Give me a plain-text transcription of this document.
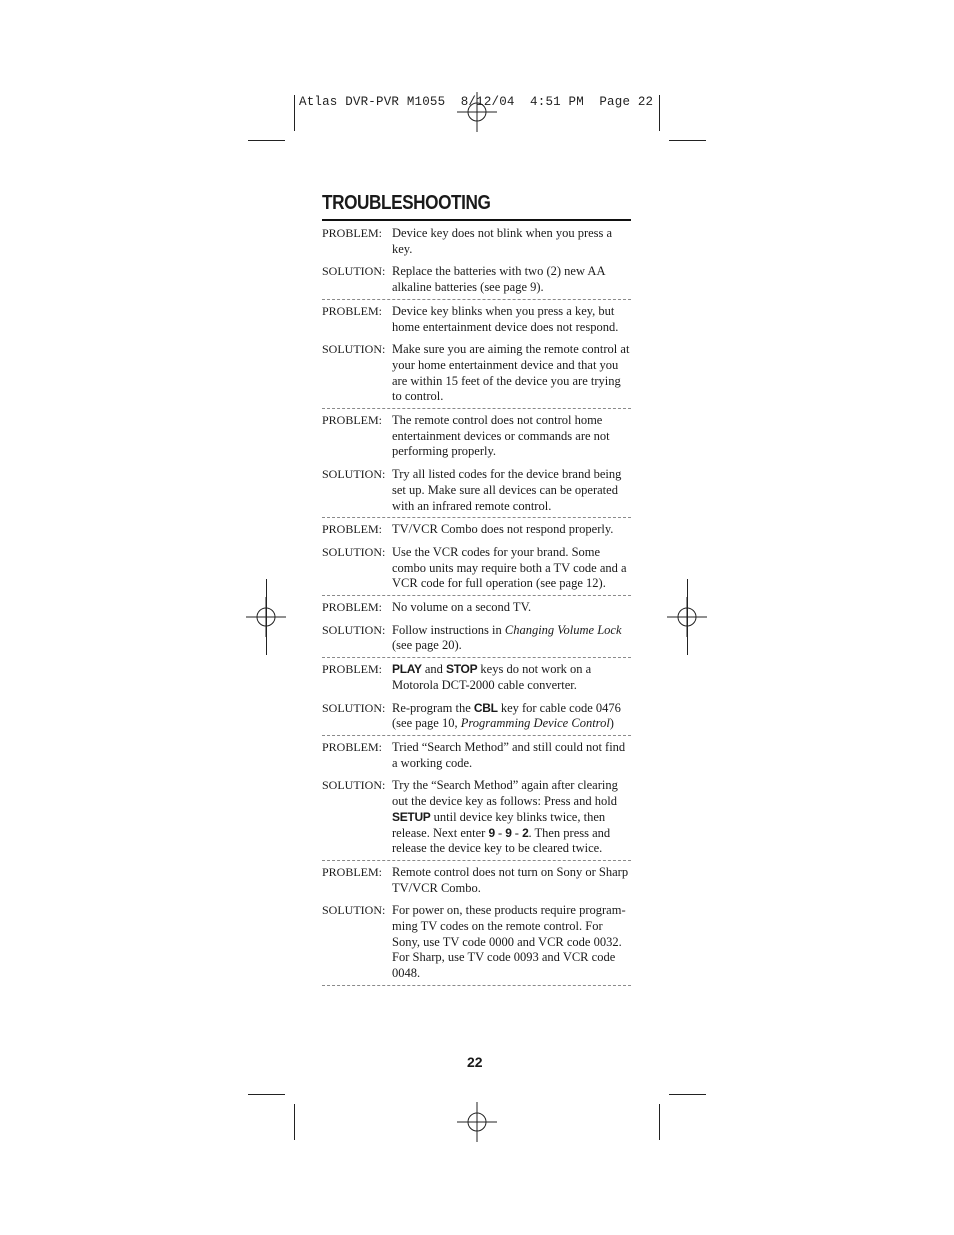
Atlas DVR-PVR M1055  8/12/04  4:51 PM  Page 22
TROUBLESHOOTING
PROBLEM: Device key does not blink when you press a key.
SOLUTION: Replace the batteries with two (2) new AA alkaline batteries (see page 9).
PROBLEM: Device key blinks when you press a key, but home entertainment device does not respond.
SOLUTION: Make sure you are aiming the remote control at your home entertainment device and that you are within 15 feet of the device you are trying to control.
PROBLEM: The remote control does not control home entertainment devices or commands are not performing properly.
SOLUTION: Try all listed codes for the device brand being set up. Make sure all devices can be operated with an infrared remote control.
PROBLEM: TV/VCR Combo does not respond properly.
SOLUTION: Use the VCR codes for your brand. Some combo units may require both a TV code and a VCR code for full operation (see page 12).
PROBLEM: No volume on a second TV.
SOLUTION: Follow instructions in Changing Volume Lock (see page 20).
PROBLEM: PLAY and STOP keys do not work on a Motorola DCT-2000 cable converter.
SOLUTION: Re-program the CBL key for cable code 0476 (see page 10, Programming Device Control)
PROBLEM: Tried “Search Method” and still could not find a working code.
SOLUTION: Try the “Search Method” again after clearing out the device key as follows: Press and hold SETUP until device key blinks twice, then release. Next enter 9 - 9 - 2. Then press and release the device key to be cleared twice.
PROBLEM: Remote control does not turn on Sony or Sharp TV/VCR Combo.
SOLUTION: For power on, these products require program-ming TV codes on the remote control. For Sony, use TV code 0000 and VCR code 0032. For Sharp, use TV code 0093 and VCR code 0048.
22
